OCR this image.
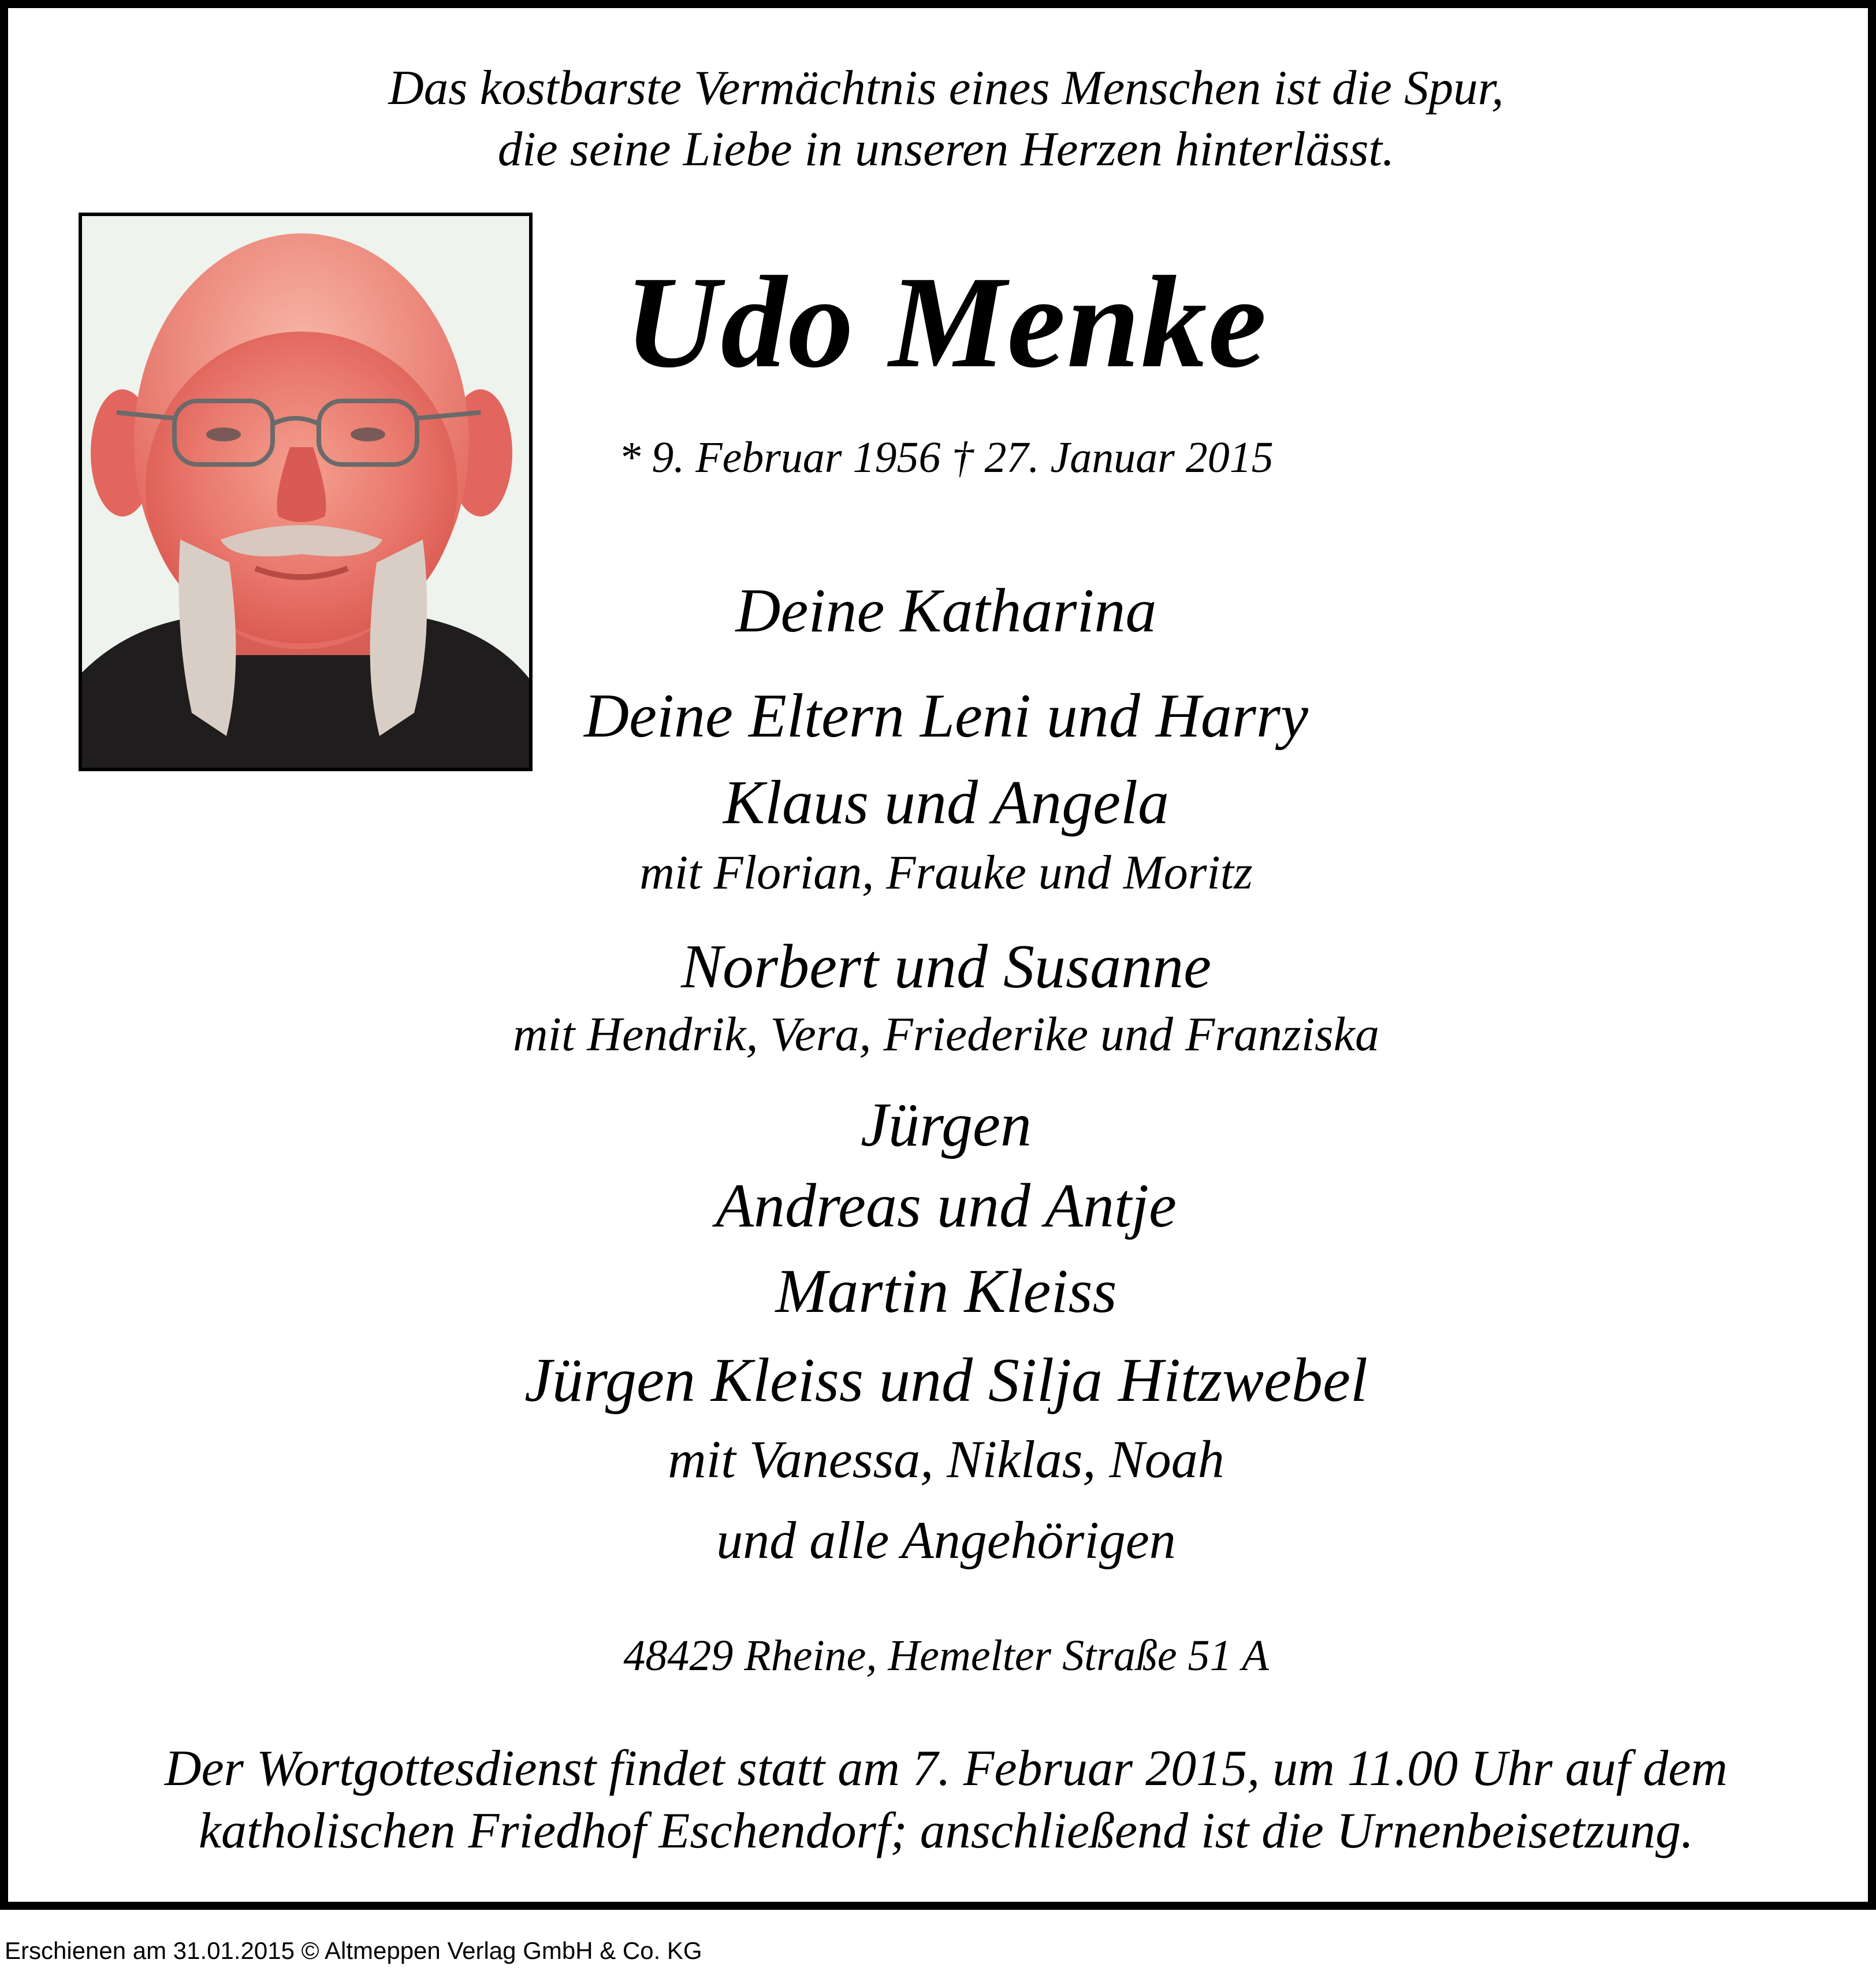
Das kostbarste Vermächtnis eines Menschen ist die Spur,
die seine Liebe in unseren Herzen hinterlässt.
Udo Menke
* 9. Februar 1956 † 27. Januar 2015
Deine Katharina
Deine Eltern Leni und Harry
Klaus und Angela
mit Florian, Frauke und Moritz
Norbert und Susanne
mit Hendrik, Vera, Friederike und Franziska
Jürgen
Andreas und Antje
Martin Kleiss
Jürgen Kleiss und Silja Hitzwebel
mit Vanessa, Niklas, Noah
und alle Angehörigen
48429 Rheine, Hemelter Straße 51 A
Der Wortgottesdienst findet statt am 7. Februar 2015, um 11.00 Uhr auf dem
katholischen Friedhof Eschendorf; anschließend ist die Urnenbeisetzung.
Erschienen am 31.01.2015 © Altmeppen Verlag GmbH & Co. KG
